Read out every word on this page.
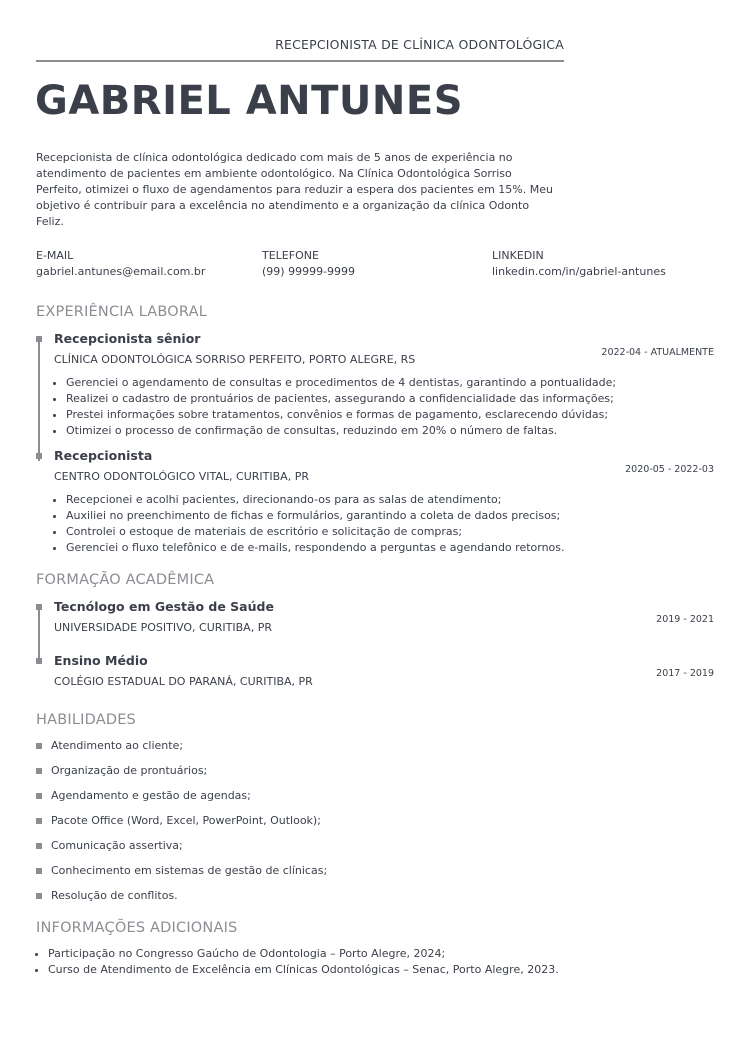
RECEPCIONISTA DE CLÍNICA ODONTOLÓGICA
GABRIEL ANTUNES
Recepcionista de clínica odontológica dedicado com mais de 5 anos de experiência no atendimento de pacientes em ambiente odontológico. Na Clínica Odontológica Sorriso Perfeito, otimizei o fluxo de agendamentos para reduzir a espera dos pacientes em 15%. Meu objetivo é contribuir para a excelência no atendimento e a organização da clínica Odonto Feliz.
E-MAIL
gabriel.antunes@email.com.br
TELEFONE
(99) 99999-9999
LINKEDIN
linkedin.com/in/gabriel-antunes
EXPERIÊNCIA LABORAL
Recepcionista sênior
CLÍNICA ODONTOLÓGICA SORRISO PERFEITO, PORTO ALEGRE, RS
2022-04 - ATUALMENTE
• Gerenciei o agendamento de consultas e procedimentos de 4 dentistas, garantindo a pontualidade;
• Realizei o cadastro de prontuários de pacientes, assegurando a confidencialidade das informações;
• Prestei informações sobre tratamentos, convênios e formas de pagamento, esclarecendo dúvidas;
• Otimizei o processo de confirmação de consultas, reduzindo em 20% o número de faltas.
Recepcionista
CENTRO ODONTOLÓGICO VITAL, CURITIBA, PR
2020-05 - 2022-03
• Recepcionei e acolhi pacientes, direcionando-os para as salas de atendimento;
• Auxiliei no preenchimento de fichas e formulários, garantindo a coleta de dados precisos;
• Controlei o estoque de materiais de escritório e solicitação de compras;
• Gerenciei o fluxo telefônico e de e-mails, respondendo a perguntas e agendando retornos.
FORMAÇÃO ACADÊMICA
Tecnólogo em Gestão de Saúde
UNIVERSIDADE POSITIVO, CURITIBA, PR
2019 - 2021
Ensino Médio
COLÉGIO ESTADUAL DO PARANÁ, CURITIBA, PR
2017 - 2019
HABILIDADES
Atendimento ao cliente;
Organização de prontuários;
Agendamento e gestão de agendas;
Pacote Office (Word, Excel, PowerPoint, Outlook);
Comunicação assertiva;
Conhecimento em sistemas de gestão de clínicas;
Resolução de conflitos.
INFORMAÇÕES ADICIONAIS
• Participação no Congresso Gaúcho de Odontologia – Porto Alegre, 2024;
• Curso de Atendimento de Excelência em Clínicas Odontológicas – Senac, Porto Alegre, 2023.
